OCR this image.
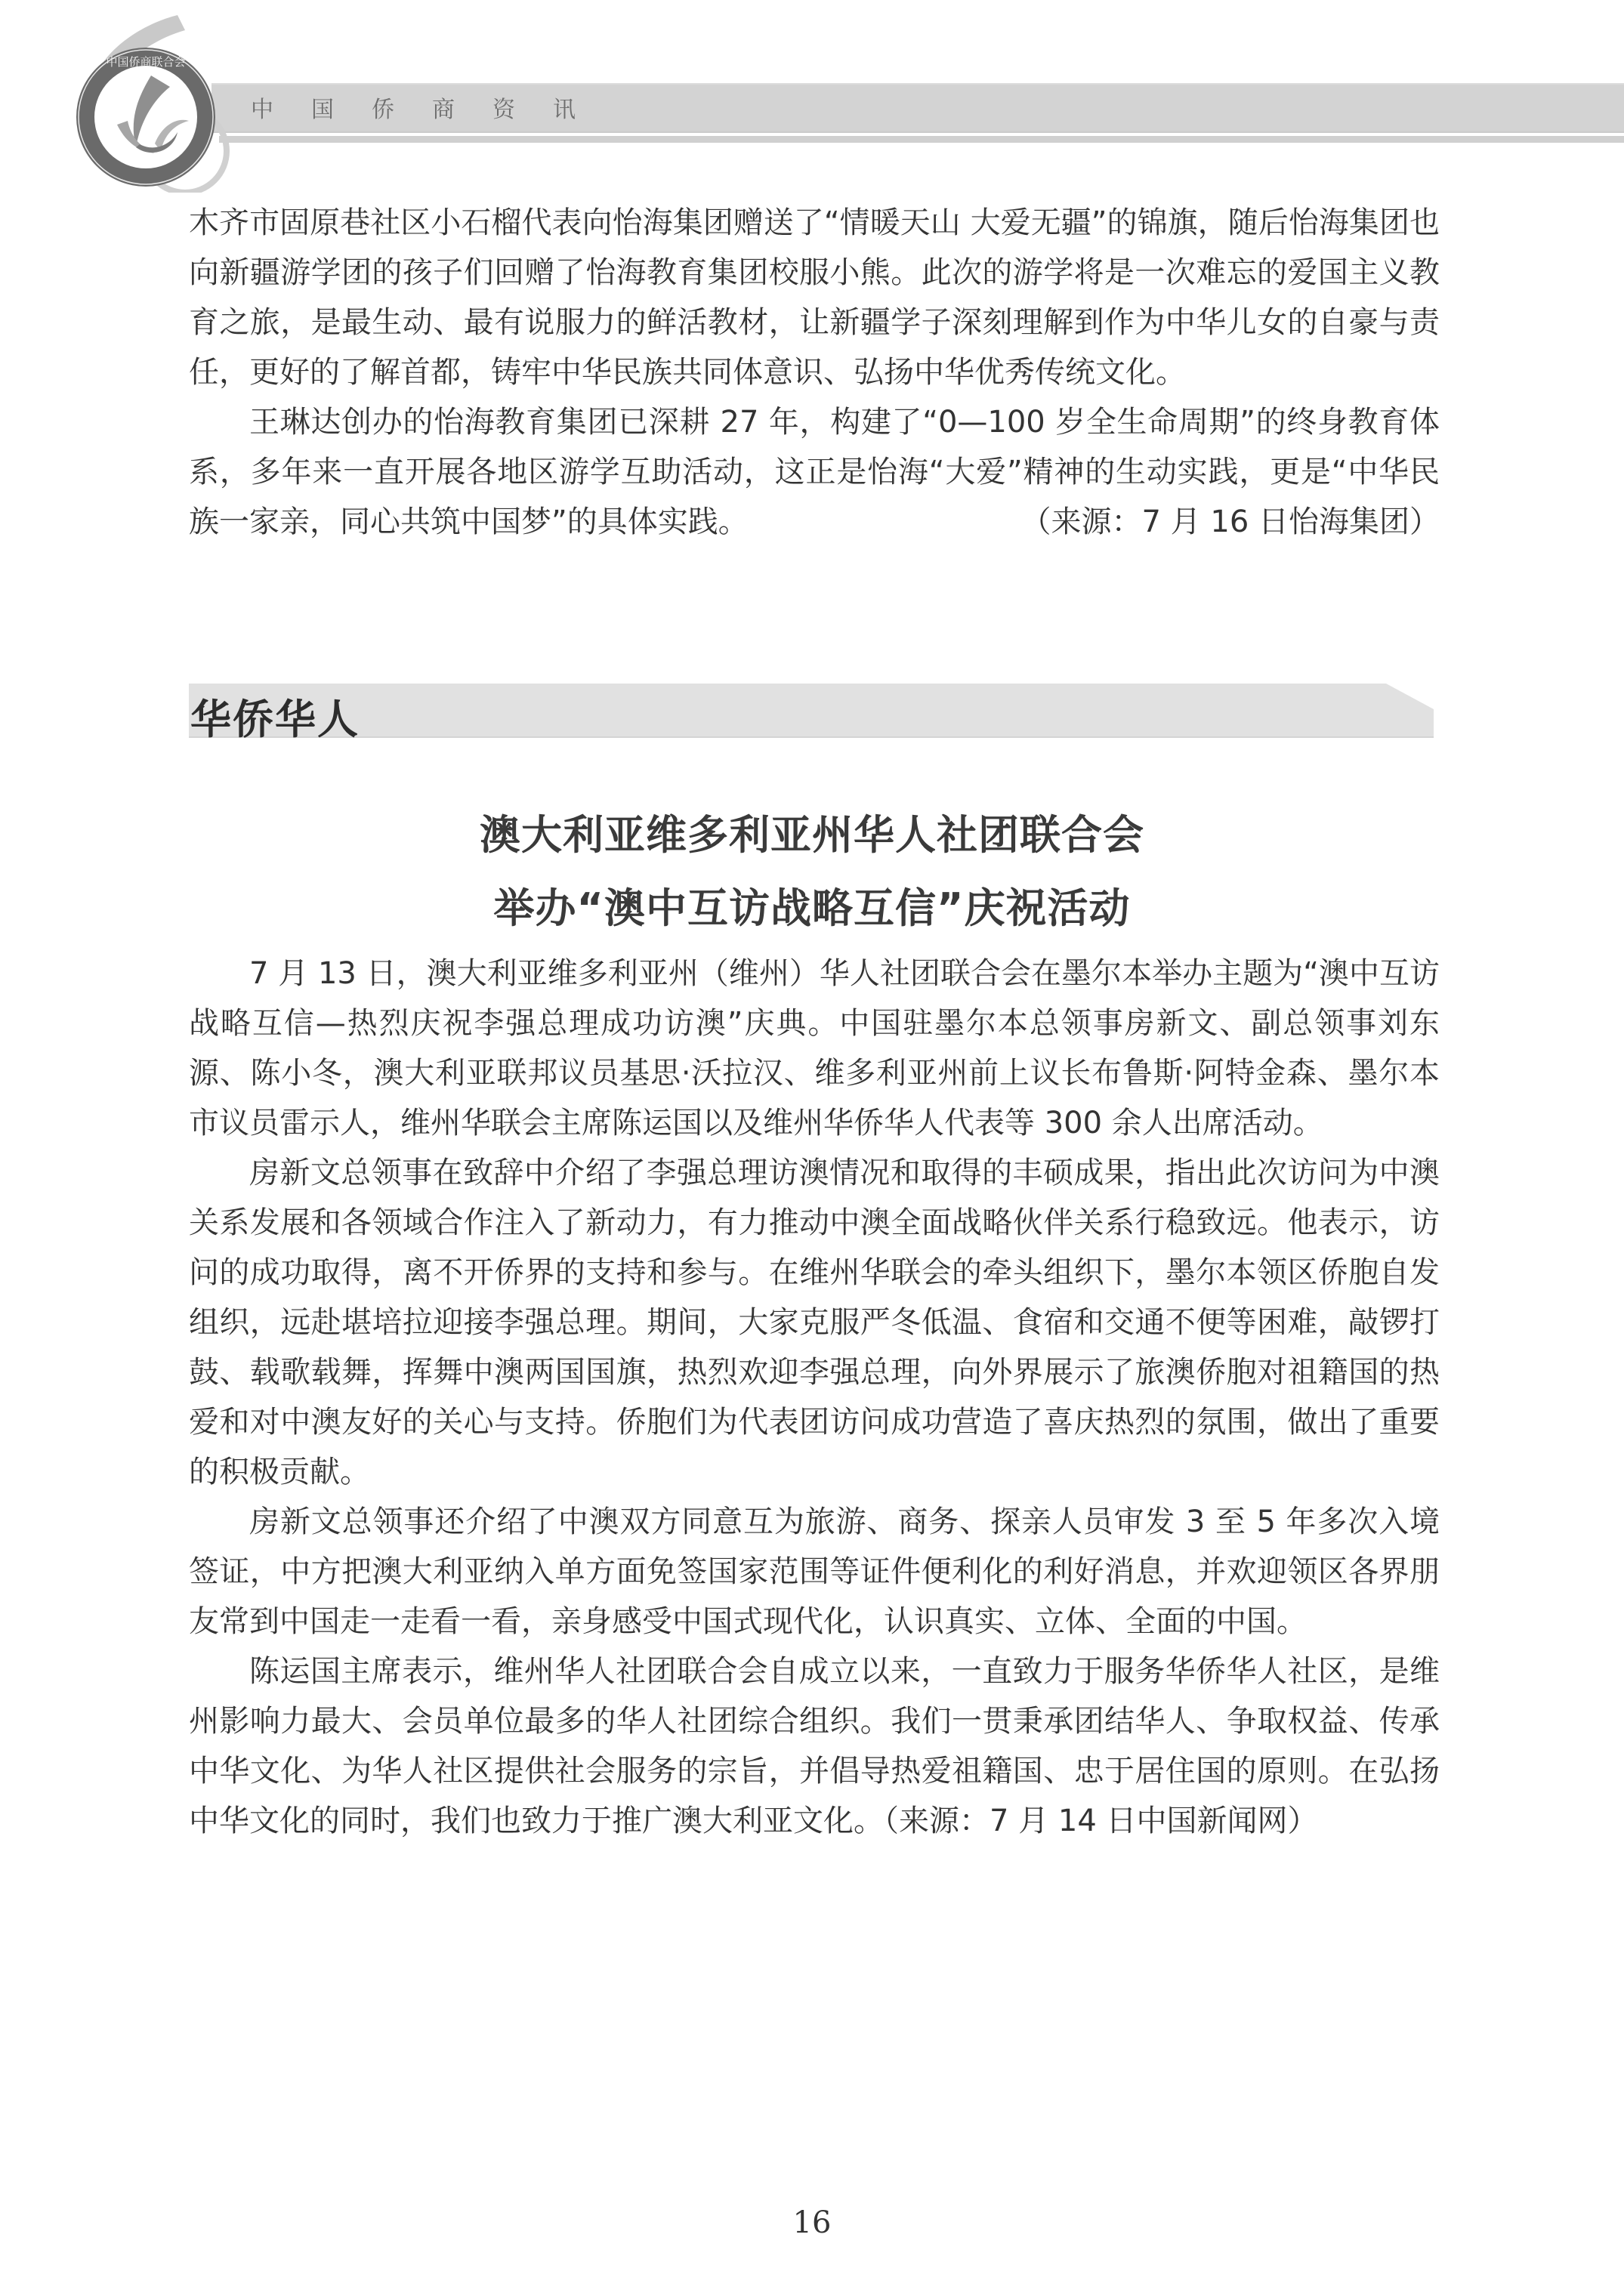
中国侨商联合会
中 国 侨 商 资 讯

木齐市固原巷社区小石榴代表向怡海集团赠送了“情暖天山 大爱无疆”的锦旗，随后怡海集团也向新疆游学团的孩子们回赠了怡海教育集团校服小熊。此次的游学将是一次难忘的爱国主义教育之旅，是最生动、最有说服力的鲜活教材，让新疆学子深刻理解到作为中华儿女的自豪与责任，更好的了解首都，铸牢中华民族共同体意识、弘扬中华优秀传统文化。

王琳达创办的怡海教育集团已深耕 27 年，构建了“0—100 岁全生命周期”的终身教育体系，多年来一直开展各地区游学互助活动，这正是怡海“大爱”精神的生动实践，更是“中华民族一家亲，同心共筑中国梦”的具体实践。	（来源：7 月 16 日怡海集团）

华侨华人
澳大利亚维多利亚州华人社团联合会
举办“澳中互访战略互信”庆祝活动

7 月 13 日，澳大利亚维多利亚州（维州）华人社团联合会在墨尔本举办主题为“澳中互访战略互信—热烈庆祝李强总理成功访澳”庆典。中国驻墨尔本总领事房新文、副总领事刘东源、陈小冬，澳大利亚联邦议员基思·沃拉汉、维多利亚州前上议长布鲁斯·阿特金森、墨尔本市议员雷示人，维州华联会主席陈运国以及维州华侨华人代表等 300 余人出席活动。

房新文总领事在致辞中介绍了李强总理访澳情况和取得的丰硕成果，指出此次访问为中澳关系发展和各领域合作注入了新动力，有力推动中澳全面战略伙伴关系行稳致远。他表示，访问的成功取得，离不开侨界的支持和参与。在维州华联会的牵头组织下，墨尔本领区侨胞自发组织，远赴堪培拉迎接李强总理。期间，大家克服严冬低温、食宿和交通不便等困难，敲锣打鼓、载歌载舞，挥舞中澳两国国旗，热烈欢迎李强总理，向外界展示了旅澳侨胞对祖籍国的热爱和对中澳友好的关心与支持。侨胞们为代表团访问成功营造了喜庆热烈的氛围，做出了重要的积极贡献。

房新文总领事还介绍了中澳双方同意互为旅游、商务、探亲人员审发 3 至 5 年多次入境签证，中方把澳大利亚纳入单方面免签国家范围等证件便利化的利好消息，并欢迎领区各界朋友常到中国走一走看一看，亲身感受中国式现代化，认识真实、立体、全面的中国。

陈运国主席表示，维州华人社团联合会自成立以来，一直致力于服务华侨华人社区，是维州影响力最大、会员单位最多的华人社团综合组织。我们一贯秉承团结华人、争取权益、传承中华文化、为华人社区提供社会服务的宗旨，并倡导热爱祖籍国、忠于居住国的原则。在弘扬中华文化的同时，我们也致力于推广澳大利亚文化。（来源：7 月 14 日中国新闻网）

16
